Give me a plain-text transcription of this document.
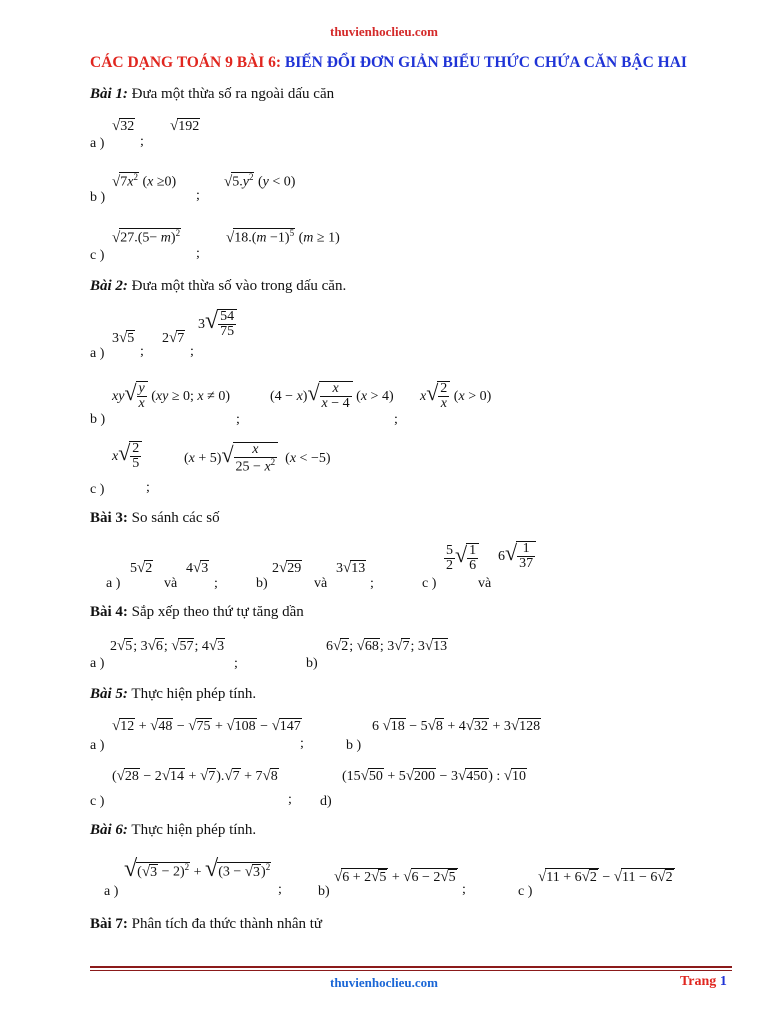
thuvienhoclieu.com
CÁC DẠNG TOÁN 9 BÀI 6: BIẾN ĐỔI ĐƠN GIẢN BIỂU THỨC CHỨA CĂN BẬC HAI
Bài 1: Đưa một thừa số ra ngoài dấu căn
√32
a )	;
√192
$√7x^2$ (x ≥0)
b )	;
$√5.y^2$ (y < 0)
$√27.(5- m)^2$
c )	;
$√18.(m -1)^5$ (m ≥ 1)
Bài 2: Đưa một thừa số vào trong dấu căn.
3√5
a )	;
2√7
;
$3√ \frac{54}{75}$
$xy√ \frac{y}{x} (xy \ge 0$; x ≠ 0)
b )	;
$(4 - x)√ \frac{x}{x - 4} (x > 4)$
;
$x√ \frac{2}{x} (x > 0)$
$x√ \frac{2}{5}$
c )	;
$(x + 5)√ \frac{x}{25 - x^2} (x < -5)$
Bài 3: So sánh các số
a )
5√2
và
4√3
;	b)
2√29
và
3√13
;	c )
$\frac{5}{2}$ √ $\frac{1}{6}$
và
$6√ \frac{1}{37}$
Bài 4: Sắp xếp theo thứ tự tăng dần
2√5; 3√6; √57; 4√3
a )	;	b)
6√2; √68; 3√7; 3√13
Bài 5: Thực hiện phép tính.
√12 + √48 − √75 + √108 − √147
a )	;	b )
6 √18 − 5√8 + 4√32 + 3√128
(√28 − 2√14 + √7).√7 + 7√8
c )	; d)
(15√50 + 5√200 − 3√450) : √10
Bài 6: Thực hiện phép tính.
a )
$√(√3 - 2)^2 + √(3 - √3)^2$
;	b)
√6 + 2√5 + √6 − 2√5
;	c )
√11 + 6√2 − √11 − 6√2
Bài 7: Phân tích đa thức thành nhân tử
thuvienhoclieu.com	Trang 1
